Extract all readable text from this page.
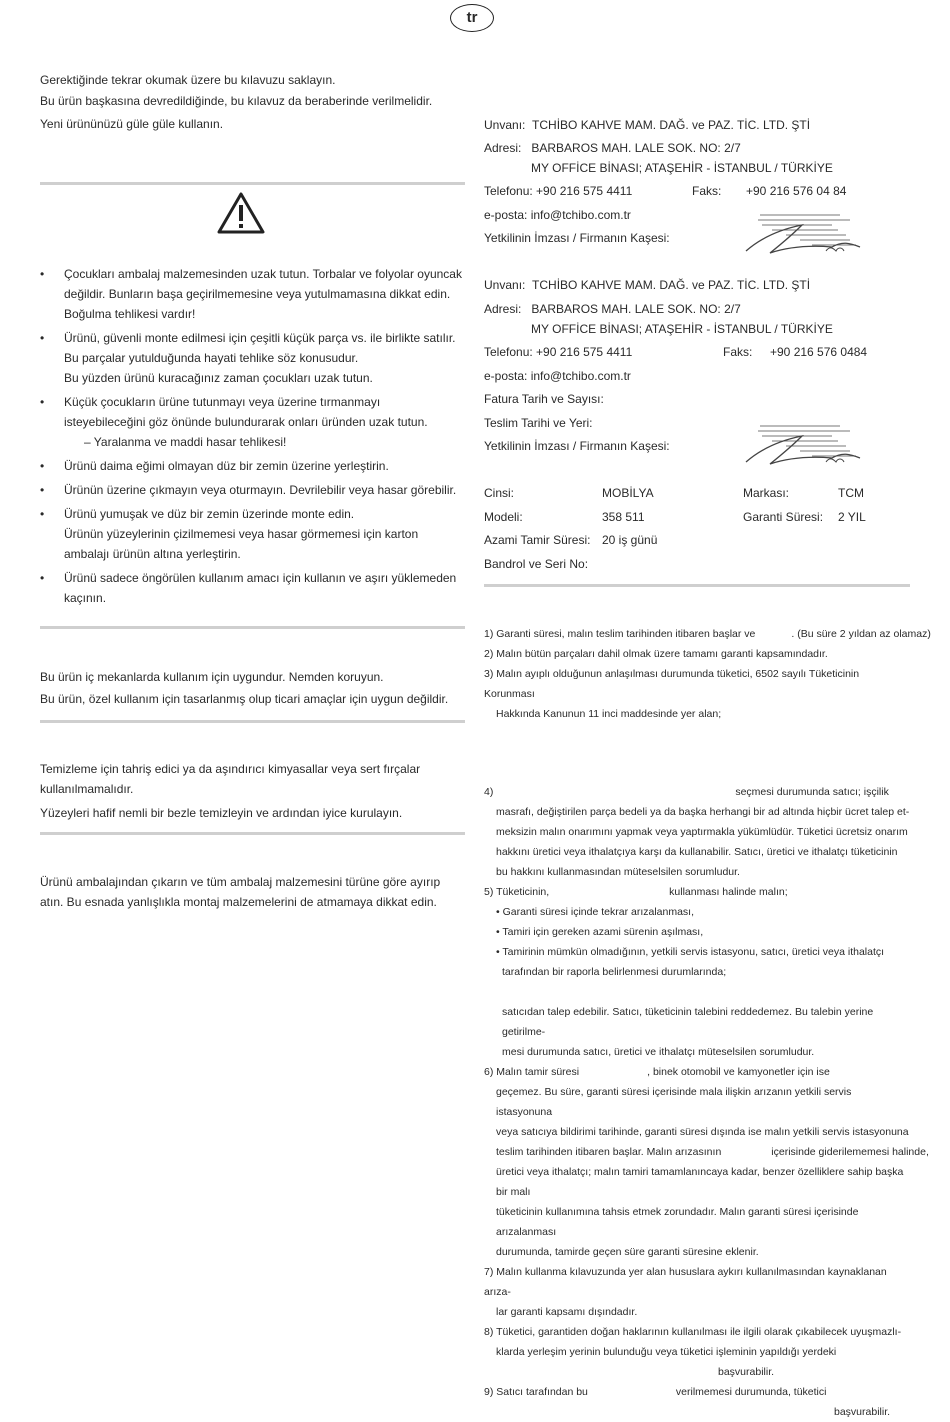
tr

Gerektiğinde tekrar okumak üzere bu kılavuzu saklayın.

Bu ürün başkasına devredildiğinde, bu kılavuz da beraberinde verilmelidir.

Yeni ürününüzü güle güle kullanın.

• Çocukları ambalaj malzemesinden uzak tutun. Torbalar ve folyolar oyuncak

değildir. Bunların başa geçirilmemesine veya yutulmamasına dikkat edin.

Boğulma tehlikesi vardır!

• Ürünü, güvenli monte edilmesi için çeşitli küçük parça vs. ile birlikte satılır.

Bu parçalar yutulduğunda hayati tehlike söz konusudur.

Bu yüzden ürünü kuracağınız zaman çocukları uzak tutun.

• Küçük çocukların ürüne tutunmayı veya üzerine tırmanmayı

isteyebileceğini göz önünde bulundurarak onları üründen uzak tutun.

– Yaralanma ve maddi hasar tehlikesi!

• Ürünü daima eğimi olmayan düz bir zemin üzerine yerleştirin.

• Ürünün üzerine çıkmayın veya oturmayın. Devrilebilir veya hasar görebilir.

• Ürünü yumuşak ve düz bir zemin üzerinde monte edin.

Ürünün yüzeylerinin çizilmemesi veya hasar görmemesi için karton

ambalajı ürünün altına yerleştirin.

• Ürünü sadece öngörülen kullanım amacı için kullanın ve aşırı yüklemeden

kaçının.

Bu ürün iç mekanlarda kullanım için uygundur. Nemden koruyun.

Bu ürün, özel kullanım için tasarlanmış olup ticari amaçlar için uygun değildir.

Temizleme için tahriş edici ya da aşındırıcı kimyasallar veya sert fırçalar

kullanılmamalıdır.

Yüzeyleri hafif nemli bir bezle temizleyin ve ardından iyice kurulayın.

Ürünü ambalajından çıkarın ve tüm ambalaj malzemesini türüne göre ayırıp

atın. Bu esnada yanlışlıkla montaj malzemelerini de atmamaya dikkat edin.

Unvanı: TCHİBO KAHVE MAM. DAĞ. ve PAZ. TİC. LTD. ŞTİ
Adresi: BARBAROS MAH. LALE SOK. NO: 2/7
MY OFFİCE BİNASI; ATAŞEHİR - İSTANBUL / TÜRKİYE
Telefonu: +90 216 575 4411	Faks: +90 216 576 04 84
e-posta: info@tchibo.com.tr
Yetkilinin İmzası / Firmanın Kaşesi:
Unvanı: TCHİBO KAHVE MAM. DAĞ. ve PAZ. TİC. LTD. ŞTİ
Adresi: BARBAROS MAH. LALE SOK. NO: 2/7
MY OFFİCE BİNASI; ATAŞEHİR - İSTANBUL / TÜRKİYE
Telefonu: +90 216 575 4411	Faks: +90 216 576 0484
e-posta: info@tchibo.com.tr
Fatura Tarih ve Sayısı:
Teslim Tarihi ve Yeri:
Yetkilinin İmzası / Firmanın Kaşesi:
Cinsi:	MOBİLYA	Markası:	TCM
Modeli:	358 511	Garanti Süresi: 2 YIL
Azami Tamir Süresi: 20 iş günü
Bandrol ve Seri No:

1) Garanti süresi, malın teslim tarihinden itibaren başlar ve	. (Bu süre 2 yıldan az olamaz)

2) Malın bütün parçaları dahil olmak üzere tamamı garanti kapsamındadır.

3) Malın ayıplı olduğunun anlaşılması durumunda tüketici, 6502 sayılı Tüketicinin Korunması

Hakkında Kanunun 11 inci maddesinde yer alan;

4)	seçmesi durumunda satıcı; işçilik

masrafı, değiştirilen parça bedeli ya da başka herhangi bir ad altında hiçbir ücret talep et-

meksizin malın onarımını yapmak veya yaptırmakla yükümlüdür. Tüketici ücretsiz onarım

hakkını üretici veya ithalatçıya karşı da kullanabilir. Satıcı, üretici ve ithalatçı tüketicinin

bu hakkını kullanmasından müteselsilen sorumludur.

5) Tüketicinin,	kullanması halinde malın;

• Garanti süresi içinde tekrar arızalanması,

• Tamiri için gereken azami sürenin aşılması,

• Tamirinin mümkün olmadığının, yetkili servis istasyonu, satıcı, üretici veya ithalatçı

tarafından bir raporla belirlenmesi durumlarında;

satıcıdan talep edebilir. Satıcı, tüketicinin talebini reddedemez. Bu talebin yerine getirilme-

mesi durumunda satıcı, üretici ve ithalatçı müteselsilen sorumludur.

6) Malın tamir süresi	, binek otomobil ve kamyonetler için ise

geçemez. Bu süre, garanti süresi içerisinde mala ilişkin arızanın yetkili servis istasyonuna

veya satıcıya bildirimi tarihinde, garanti süresi dışında ise malın yetkili servis istasyonuna

teslim tarihinden itibaren başlar. Malın arızasının	içerisinde giderilememesi halinde,

üretici veya ithalatçı; malın tamiri tamamlanıncaya kadar, benzer özelliklere sahip başka bir malı

tüketicinin kullanımına tahsis etmek zorundadır. Malın garanti süresi içerisinde arızalanması

durumunda, tamirde geçen süre garanti süresine eklenir.

7) Malın kullanma kılavuzunda yer alan hususlara aykırı kullanılmasından kaynaklanan arıza-

lar garanti kapsamı dışındadır.

8) Tüketici, garantiden doğan haklarının kullanılması ile ilgili olarak çıkabilecek uyuşmazlı-

klarda yerleşim yerinin bulunduğu veya tüketici işleminin yapıldığı yerdeki

başvurabilir.

9) Satıcı tarafından bu	verilmemesi durumunda, tüketici

başvurabilir.
